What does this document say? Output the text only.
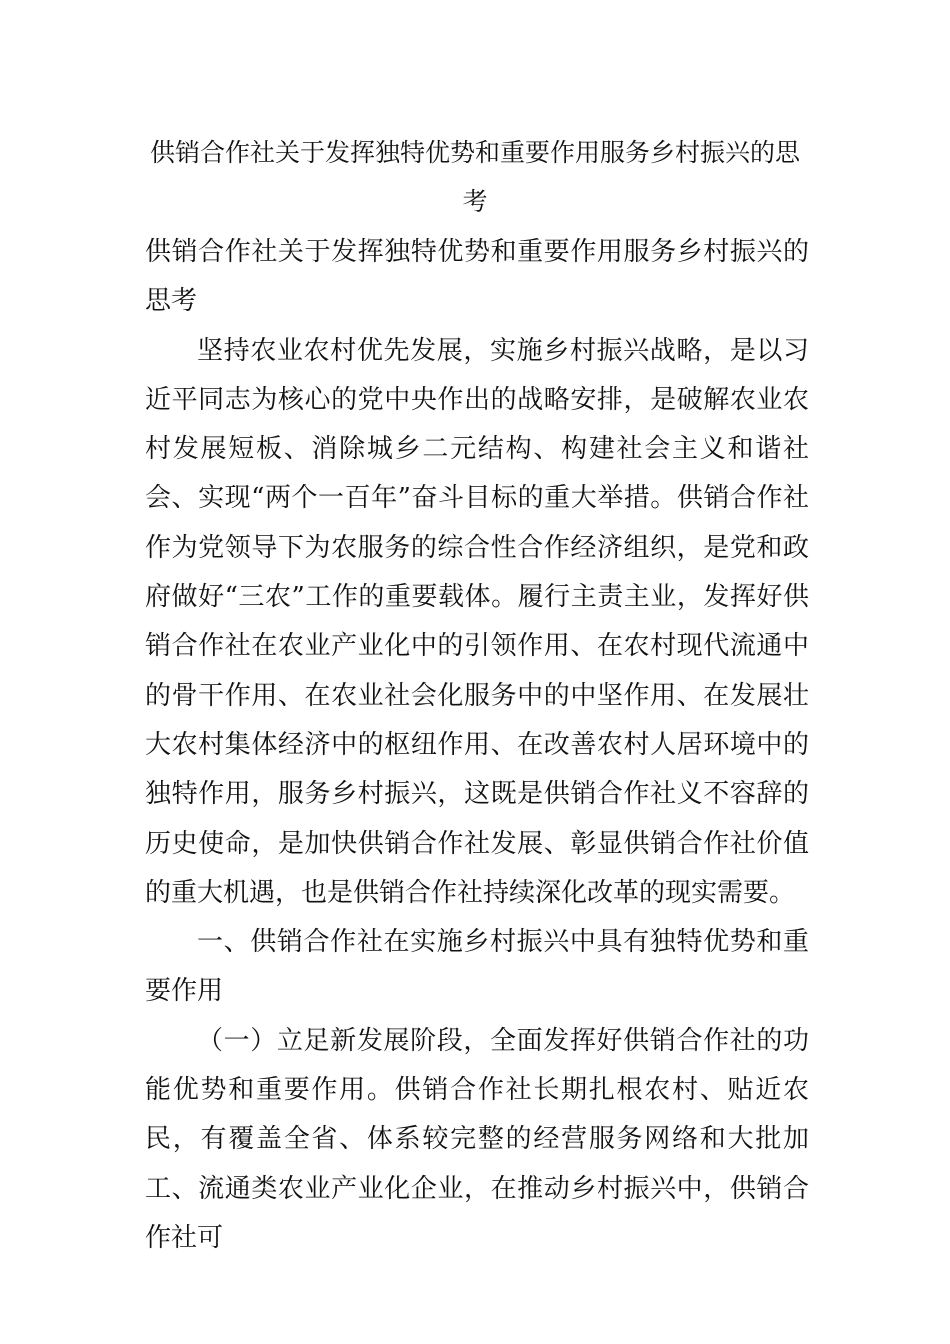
供销合作社关于发挥独特优势和重要作用服务乡村振兴的思考

供销合作社关于发挥独特优势和重要作用服务乡村振兴的思考

坚持农业农村优先发展，实施乡村振兴战略，是以习近平同志为核心的党中央作出的战略安排，是破解农业农村发展短板、消除城乡二元结构、构建社会主义和谐社会、实现“两个一百年”奋斗目标的重大举措。供销合作社作为党领导下为农服务的综合性合作经济组织，是党和政府做好“三农”工作的重要载体。履行主责主业，发挥好供销合作社在农业产业化中的引领作用、在农村现代流通中的骨干作用、在农业社会化服务中的中坚作用、在发展壮大农村集体经济中的枢纽作用、在改善农村人居环境中的独特作用，服务乡村振兴，这既是供销合作社义不容辞的历史使命，是加快供销合作社发展、彰显供销合作社价值的重大机遇，也是供销合作社持续深化改革的现实需要。

一、供销合作社在实施乡村振兴中具有独特优势和重要作用

（一）立足新发展阶段，全面发挥好供销合作社的功能优势和重要作用。供销合作社长期扎根农村、贴近农民，有覆盖全省、体系较完整的经营服务网络和大批加工、流通类农业产业化企业，在推动乡村振兴中，供销合作社可
